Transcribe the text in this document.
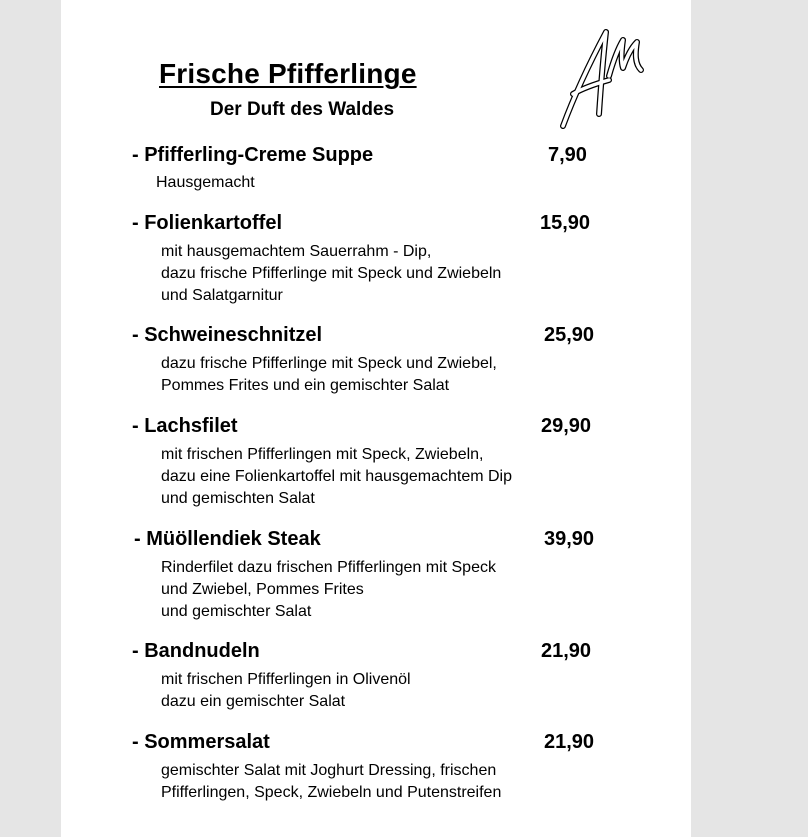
Frische Pfifferlinge
Der Duft des Waldes
- Pfifferling-Creme Suppe	7,90
Hausgemacht
- Folienkartoffel	15,90
mit hausgemachtem Sauerrahm - Dip,
dazu frische Pfifferlinge mit Speck und Zwiebeln
und Salatgarnitur
- Schweineschnitzel	25,90
dazu frische Pfifferlinge mit Speck und Zwiebel,
Pommes Frites und ein gemischter Salat
- Lachsfilet	29,90
mit frischen Pfifferlingen mit Speck, Zwiebeln,
dazu eine Folienkartoffel mit hausgemachtem Dip
und gemischten Salat
- Müöllendiek Steak	39,90
Rinderfilet dazu frischen Pfifferlingen mit Speck
und Zwiebel, Pommes Frites
und gemischter Salat
- Bandnudeln	21,90
mit frischen Pfifferlingen in Olivenöl
dazu ein gemischter Salat
- Sommersalat	21,90
gemischter Salat mit Joghurt Dressing, frischen
Pfifferlingen, Speck, Zwiebeln und Putenstreifen
